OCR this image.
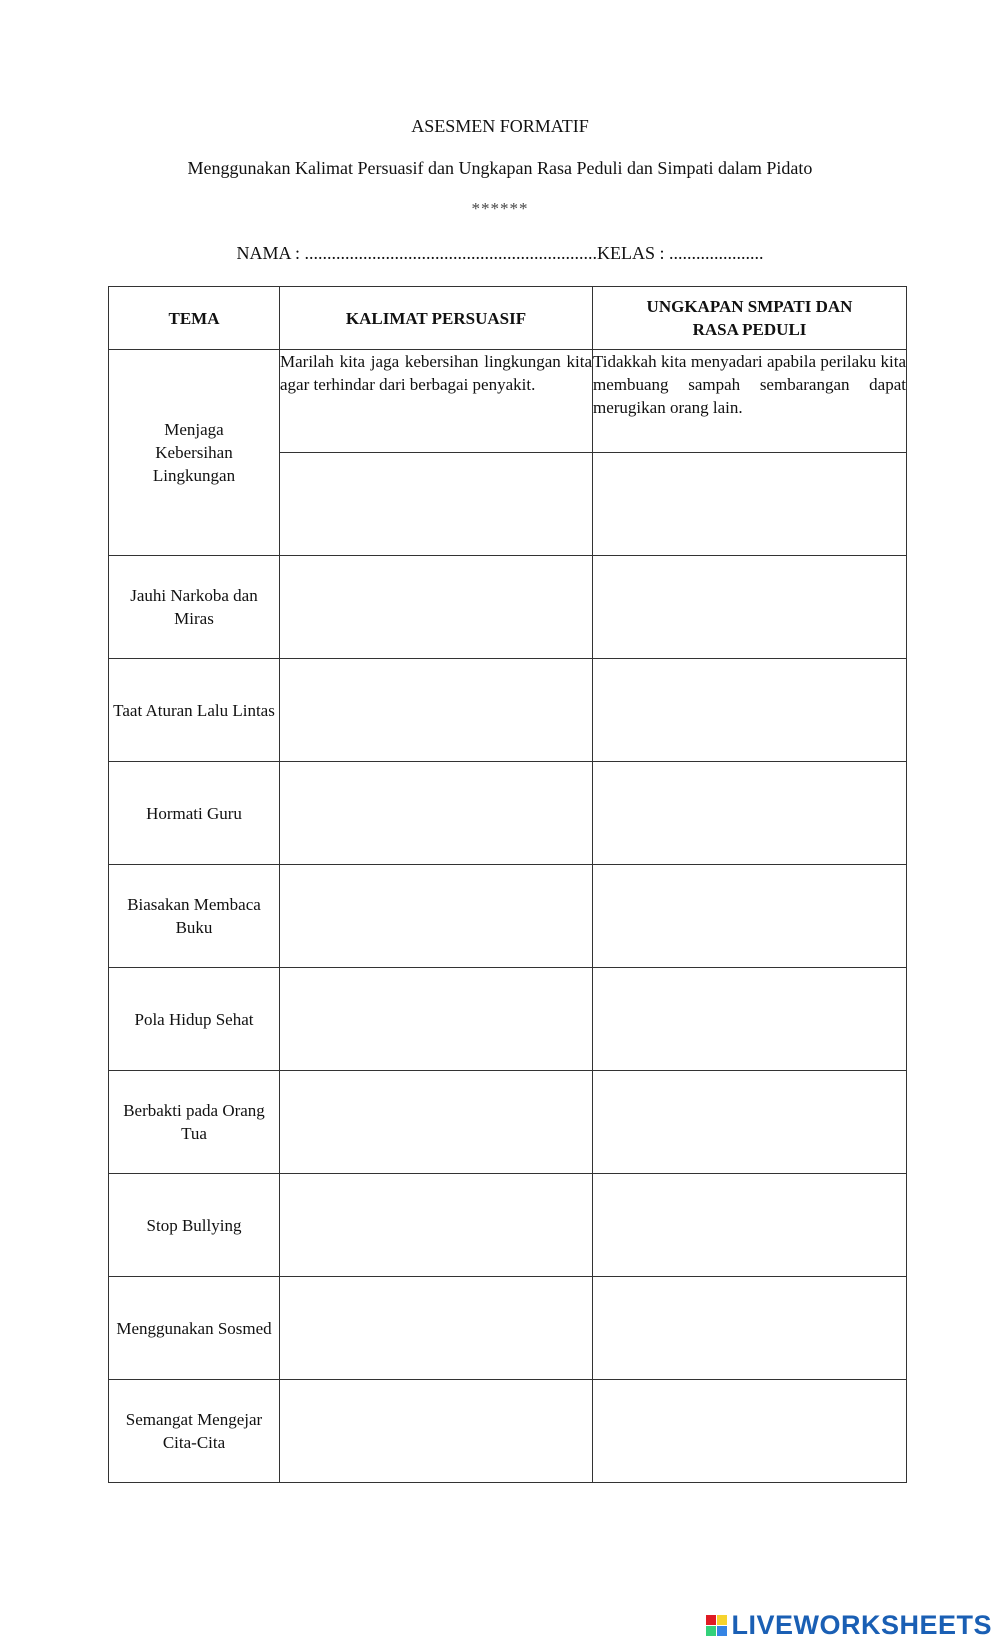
ASESMEN FORMATIF
Menggunakan Kalimat Persuasif dan Ungkapan Rasa Peduli dan Simpati dalam Pidato
******
NAMA : .................................................................KELAS : .....................
TEMA	KALIMAT PERSUASIF	UNGKAPAN SMPATI DAN RASA PEDULI
Menjaga Kebersihan Lingkungan	Marilah kita jaga kebersihan lingkungan kita agar terhindar dari berbagai penyakit.	Tidakkah kita menyadari apabila perilaku kita membuang sampah sembarangan dapat merugikan orang lain.

Jauhi Narkoba dan Miras		
Taat Aturan Lalu Lintas		
Hormati Guru		
Biasakan Membaca Buku		
Pola Hidup Sehat		
Berbakti pada Orang Tua		
Stop Bullying		
Menggunakan Sosmed		
Semangat Mengejar Cita-Cita		
LIVEWORKSHEETS
